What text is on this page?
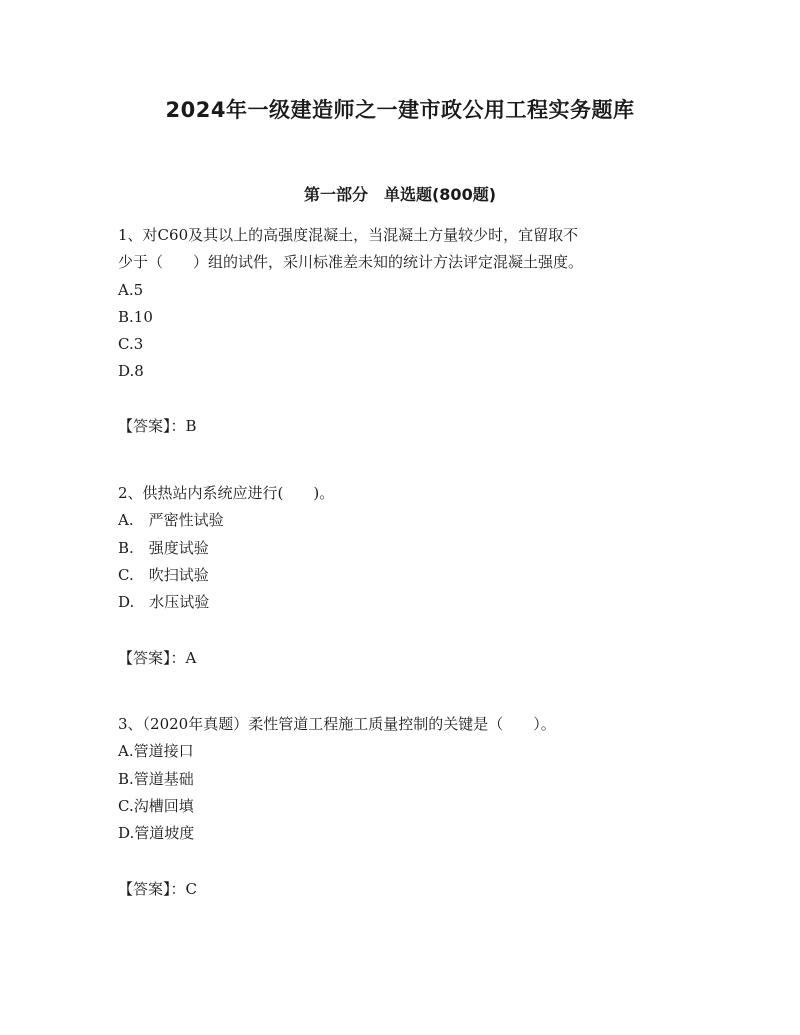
2024年一级建造师之一建市政公用工程实务题库
第一部分　单选题(800题)
1、对C60及其以上的高强度混凝土，当混凝土方量较少时，宜留取不
少于（　　）组的试件，采川标准差未知的统计方法评定混凝土强度。
A.5
B.10
C.3
D.8
【答案】：B
2、供热站内系统应进行(　　)。
A.　严密性试验
B.　强度试验
C.　吹扫试验
D.　水压试验
【答案】：A
3、（2020年真题）柔性管道工程施工质量控制的关键是（　　）。
A.管道接口
B.管道基础
C.沟槽回填
D.管道坡度
【答案】：C
